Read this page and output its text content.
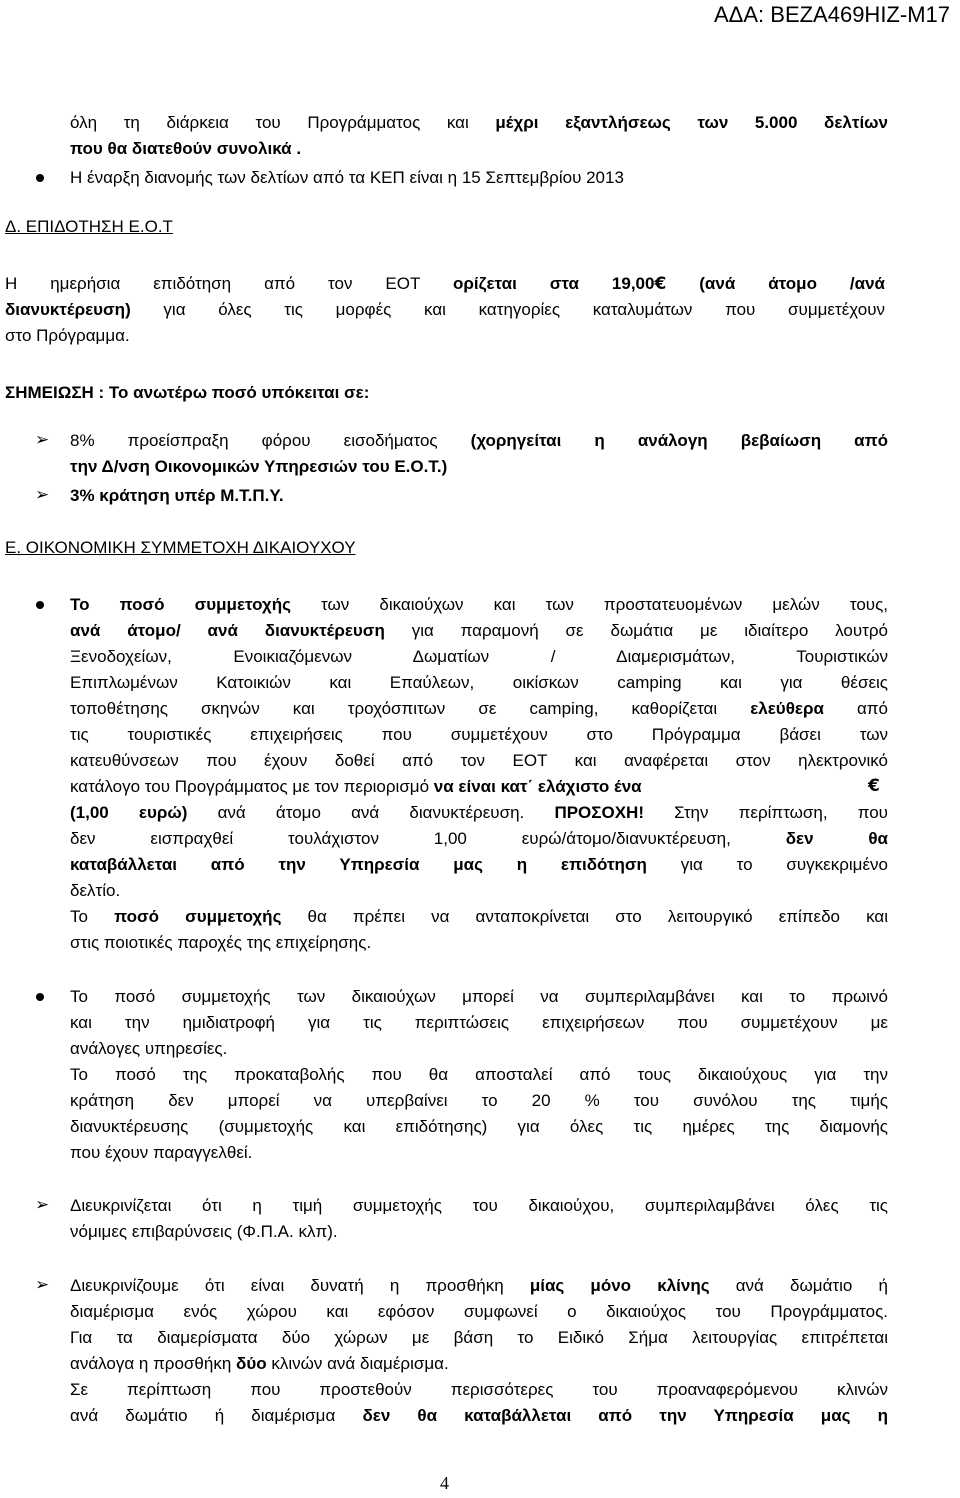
ΑΔΑ: ΒΕΖΑ469ΗΙΖ-Μ17
όλη τη διάρκεια του Προγράμματος και μέχρι εξαντλήσεως των 5.000 δελτίων
που θα διατεθούν συνολικά .
Η έναρξη διανομής των δελτίων από τα ΚΕΠ είναι η 15 Σεπτεμβρίου 2013
Δ. ΕΠΙΔΟΤΗΣΗ Ε.Ο.Τ
Η ημερήσια επιδότηση από τον ΕΟΤ ορίζεται στα 19,00€ (ανά άτομο /ανά
διανυκτέρευση) για όλες τις μορφές και κατηγορίες καταλυμάτων που συμμετέχουν
στο Πρόγραμμα.
ΣΗΜΕΙΩΣΗ : Το ανωτέρω ποσό υπόκειται σε:
➢ 8% προείσπραξη φόρου εισοδήματος (χορηγείται η ανάλογη βεβαίωση από
την Δ/νση Οικονομικών Υπηρεσιών του Ε.Ο.Τ.)
➢ 3% κράτηση υπέρ Μ.Τ.Π.Υ.
Ε. ΟΙΚΟΝΟΜΙΚΗ ΣΥΜΜΕΤΟΧΗ ΔΙΚΑΙΟΥΧΟΥ
Το ποσό συμμετοχής των δικαιούχων και των προστατευομένων μελών τους,
ανά άτομο/ ανά διανυκτέρευση για παραμονή σε δωμάτια με ιδιαίτερο λουτρό
Ξενοδοχείων, Ενοικιαζόμενων Δωματίων / Διαμερισμάτων, Τουριστικών
Επιπλωμένων Κατοικιών και Επαύλεων, οικίσκων camping και για θέσεις
τοποθέτησης σκηνών και τροχόσπιτων σε camping, καθορίζεται ελεύθερα από
τις τουριστικές επιχειρήσεις που συμμετέχουν στο Πρόγραμμα βάσει των
κατευθύνσεων που έχουν δοθεί από τον ΕΟΤ και αναφέρεται στον ηλεκτρονικό
κατάλογο του Προγράμματος με τον περιορισμό να είναι κατ΄ ελάχιστο ένα	€
(1,00 ευρώ) ανά άτομο ανά διανυκτέρευση. ΠΡΟΣΟΧΗ! Στην περίπτωση, που
δεν εισπραχθεί τουλάχιστον 1,00 ευρώ/άτομο/διανυκτέρευση, δεν θα
καταβάλλεται από την Υπηρεσία μας η επιδότηση για το συγκεκριμένο
δελτίο.
Το ποσό συμμετοχής θα πρέπει να ανταποκρίνεται στο λειτουργικό επίπεδο και
στις ποιοτικές παροχές της επιχείρησης.
Το ποσό συμμετοχής των δικαιούχων μπορεί να συμπεριλαμβάνει και το πρωινό
και την ημιδιατροφή για τις περιπτώσεις επιχειρήσεων που συμμετέχουν με
ανάλογες υπηρεσίες.
Το ποσό της προκαταβολής που θα αποσταλεί από τους δικαιούχους για την
κράτηση δεν μπορεί να υπερβαίνει το 20 % του συνόλου της τιμής
διανυκτέρευσης (συμμετοχής και επιδότησης) για όλες τις ημέρες της διαμονής
που έχουν παραγγελθεί.
➢ Διευκρινίζεται ότι η τιμή συμμετοχής του δικαιούχου, συμπεριλαμβάνει όλες τις
νόμιμες επιβαρύνσεις (Φ.Π.Α. κλπ).
➢ Διευκρινίζουμε ότι είναι δυνατή η προσθήκη μίας μόνο κλίνης ανά δωμάτιο ή
διαμέρισμα ενός χώρου και εφόσον συμφωνεί ο δικαιούχος του Προγράμματος.
Για τα διαμερίσματα δύο χώρων με βάση το Ειδικό Σήμα λειτουργίας επιτρέπεται
ανάλογα η προσθήκη δύο κλινών ανά διαμέρισμα.
Σε περίπτωση που προστεθούν περισσότερες του προαναφερόμενου κλινών
ανά δωμάτιο ή διαμέρισμα δεν θα καταβάλλεται από την Υπηρεσία μας η
4
